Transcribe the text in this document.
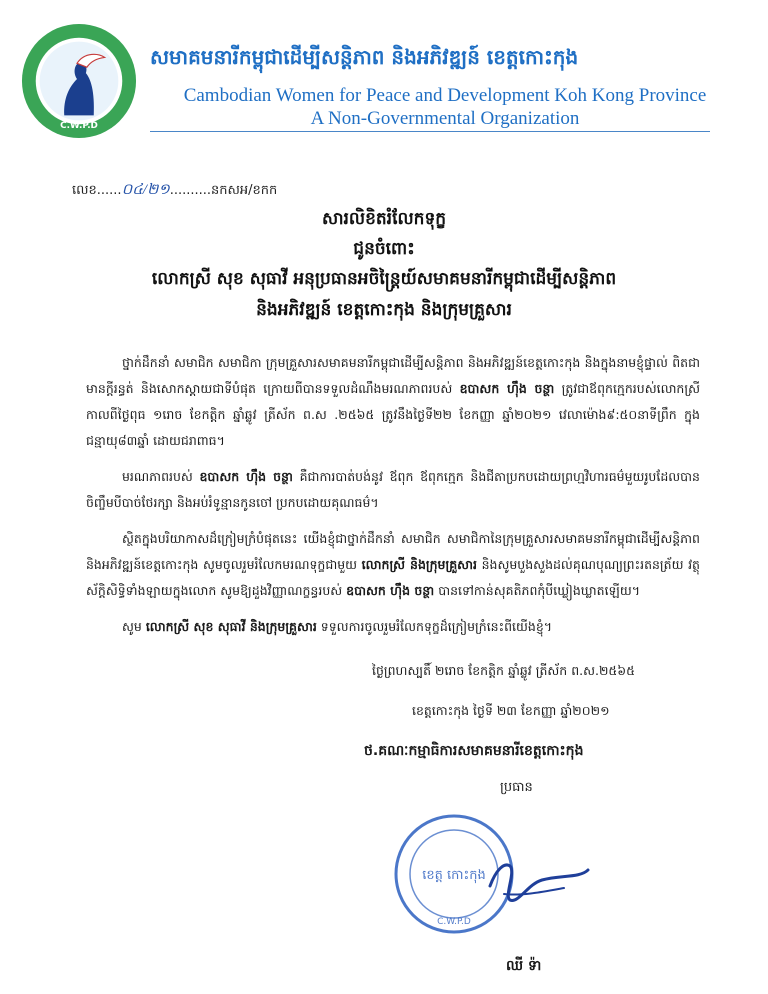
C.W.P.D
សមាគមនារីកម្ពុជាដើម្បីសន្តិភាព និងអភិវឌ្ឍន៍ ខេត្តកោះកុង
Cambodian Women for Peace and Development Koh Kong Province
A Non-Governmental Organization
លេខ......០៤/២១..........នកសអ/ខកក
សារលិខិតរំលែកទុក្ខ
ជូនចំពោះ
លោកស្រី សុខ សុធាវី អនុប្រធានអចិន្ត្រៃយ៍សមាគមនារីកម្ពុជាដើម្បីសន្តិភាព
និងអភិវឌ្ឍន៍ ខេត្តកោះកុង និងក្រុមគ្រួសារ

ថ្នាក់ដឹកនាំ សមាជិក សមាជិកា ក្រុមគ្រួសារសមាគមនារីកម្ពុជាដើម្បីសន្តិភាព និងអភិវឌ្ឍន៍ខេត្តកោះកុង និងក្នុងនាមខ្ញុំផ្ទាល់ ពិតជាមានក្តីរន្ធត់ និងសោកស្តាយជាទីបំផុត ក្រោយពីបានទទួលដំណឹងមរណភាពរបស់ ឧបាសក ហ៊ឹង ចន្ថា ត្រូវជាឪពុកក្មេករបស់លោកស្រី កាលពីថ្ងៃពុធ ១រោច ខែកត្តិក ឆ្នាំឆ្លូវ ត្រីស័ក ព.ស .២៥៦៥ ត្រូវនឹងថ្ងៃទី២២ ខែកញ្ញា ឆ្នាំ២០២១ វេលាម៉ោង៩:៥០នាទីព្រឹក ក្នុងជន្មាយុ៨៣ឆ្នាំ ដោយជរាពាធ។

មរណភាពរបស់ ឧបាសក ហ៊ឹង ចន្ថា គឺជាការបាត់បង់នូវ ឪពុក ឪពុកក្មេក និងជីតាប្រកបដោយព្រហ្មវិហារធម៌មួយរូបដែលបានចិញ្ចឹមបីបាច់ថែរក្សា និងអប់រំទូន្មានកូនចៅ ប្រកបដោយគុណធម៌។

ស្ថិតក្នុងបរិយាកាសដ៏ក្រៀមក្រំបំផុតនេះ យើងខ្ញុំជាថ្នាក់ដឹកនាំ សមាជិក សមាជិកានៃក្រុមគ្រួសារសមាគមនារីកម្ពុជាដើម្បីសន្តិភាព និងអភិវឌ្ឍន៍ខេត្តកោះកុង សូមចូលរួមរំលែកមរណទុក្ខជាមួយ លោកស្រី និងក្រុមគ្រួសារ និងសូមបួងសួងដល់គុណបុណ្យព្រះរតនត្រ័យ វត្ថុស័ក្តិសិទ្ធិទាំងឡាយក្នុងលោក សូមឱ្យដួងវិញ្ញាណក្ខន្ធរបស់ ឧបាសក ហ៊ឹង ចន្ថា បានទៅកាន់សុគតិភពកុំបីឃ្លៀងឃ្លាតឡើយ។

សូម លោកស្រី សុខ សុធាវី និងក្រុមគ្រួសារ ទទួលការចូលរួមរំលែកទុក្ខដ៏ក្រៀមក្រំនេះពីយើងខ្ញុំ។

ថ្ងៃព្រហស្បតិ៍ ២រោច ខែកត្តិក ឆ្នាំឆ្លូវ ត្រីស័ក ព.ស.២៥៦៥
ខេត្តកោះកុង ថ្ងៃទី ២៣ ខែកញ្ញា ឆ្នាំ២០២១
ថ.គណៈកម្មាធិការសមាគមនារីខេត្តកោះកុង
ប្រធាន
ខេត្ត កោះកុង
C.W.P.D
ឈី ទ៉ា
